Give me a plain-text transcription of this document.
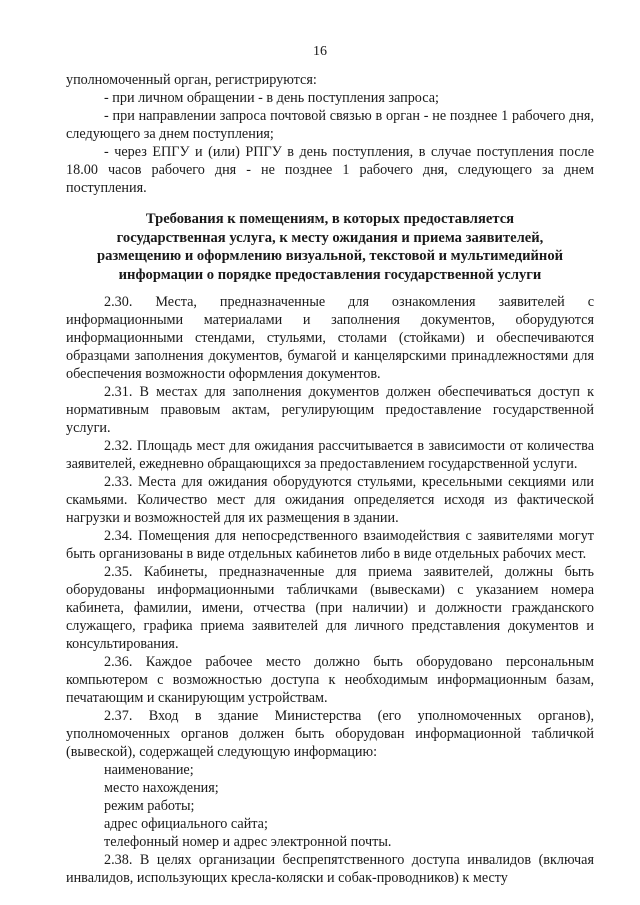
16

уполномоченный орган, регистрируются:

- при личном обращении - в день поступления запроса;

- при направлении запроса почтовой связью в орган - не позднее 1 рабочего дня, следующего за днем поступления;

- через ЕПГУ и (или) РПГУ в день поступления, в случае поступления после 18.00 часов рабочего дня - не позднее 1 рабочего дня, следующего за днем поступления.

Требования к помещениям, в которых предоставляется государственная услуга, к месту ожидания и приема заявителей, размещению и оформлению визуальной, текстовой и мультимедийной информации о порядке предоставления государственной услуги

2.30. Места, предназначенные для ознакомления заявителей с информационными материалами и заполнения документов, оборудуются информационными стендами, стульями, столами (стойками) и обеспечиваются образцами заполнения документов, бумагой и канцелярскими принадлежностями для обеспечения возможности оформления документов.

2.31. В местах для заполнения документов должен обеспечиваться доступ к нормативным правовым актам, регулирующим предоставление государственной услуги.

2.32. Площадь мест для ожидания рассчитывается в зависимости от количества заявителей, ежедневно обращающихся за предоставлением государственной услуги.

2.33. Места для ожидания оборудуются стульями, кресельными секциями или скамьями. Количество мест для ожидания определяется исходя из фактической нагрузки и возможностей для их размещения в здании.

2.34. Помещения для непосредственного взаимодействия с заявителями могут быть организованы в виде отдельных кабинетов либо в виде отдельных рабочих мест.

2.35. Кабинеты, предназначенные для приема заявителей, должны быть оборудованы информационными табличками (вывесками) с указанием номера кабинета, фамилии, имени, отчества (при наличии) и должности гражданского служащего, графика приема заявителей для личного представления документов и консультирования.

2.36. Каждое рабочее место должно быть оборудовано персональным компьютером с возможностью доступа к необходимым информационным базам, печатающим и сканирующим устройствам.

2.37. Вход в здание Министерства (его уполномоченных органов), уполномоченных органов должен быть оборудован информационной табличкой (вывеской), содержащей следующую информацию:

наименование;

место нахождения;

режим работы;

адрес официального сайта;

телефонный номер и адрес электронной почты.

2.38. В целях организации беспрепятственного доступа инвалидов (включая инвалидов, использующих кресла-коляски и собак-проводников) к месту
